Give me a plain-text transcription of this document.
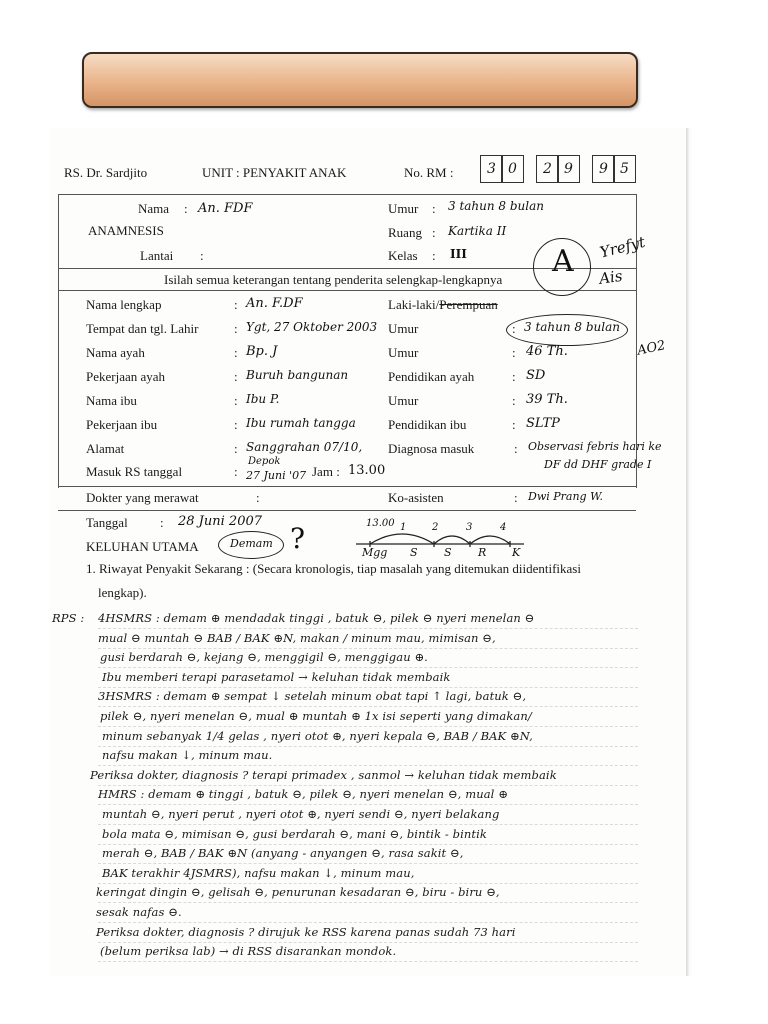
RS. Dr. Sardjito	UNIT : PENYAKIT ANAK	No. RM :	3 0	2 9	9 5
Nama : An. FDF	Umur : 3 tahun 8 bulan
ANAMNESIS	Ruang : Kartika II
Lantai :	Kelas : III
Isilah semua keterangan tentang penderita selengkap-lengkapnya
A Yrefyt
Ais
AO2
Nama lengkap	: An. F.DF	Laki-laki/Perempuan
Tempat dan tgl. Lahir	: Ygt, 27 Oktober 2003 Umur	: 3 tahun 8 bulan
Nama ayah	: Bp. J	Umur	: 46 Th.
Pekerjaan ayah	: Buruh bangunan	Pendidikan ayah	: SD
Nama ibu	: Ibu P.	Umur	: 39 Th.
Pekerjaan ibu	: Ibu rumah tangga Pendidikan ibu	: SLTP
Alamat	: Sanggrahan 07/10,
Depok
Diagnosa masuk	: Observasi febris hari ke
DF dd DHF grade I
Masuk RS tanggal	: 27 Juni '07 Jam : 13.00
Dokter yang merawat	:	Ko-asisten	: Dwi Prang W.
Tanggal : 28 Juni 2007
KELUHAN UTAMA	Demam ?	13.00 1	2	3	4
Mgg S S R K
1. Riwayat Penyakit Sekarang : (Secara kronologis, tiap masalah yang ditemukan diidentifikasi
lengkap).
RPS : 4HSMRS : demam ⊕ mendadak tinggi , batuk ⊖, pilek ⊖ nyeri menelan ⊖
mual ⊖ muntah ⊖ BAB / BAK ⊕N, makan / minum mau, mimisan ⊖,
gusi berdarah ⊖, kejang ⊖, menggigil ⊖, menggigau ⊕.
Ibu memberi terapi parasetamol → keluhan tidak membaik
3HSMRS : demam ⊕ sempat ↓ setelah minum obat tapi ↑ lagi, batuk ⊖,
pilek ⊖, nyeri menelan ⊖, mual ⊕ muntah ⊕ 1x isi seperti yang dimakan/
minum sebanyak 1/4 gelas , nyeri otot ⊕, nyeri kepala ⊖, BAB / BAK ⊕N,
nafsu makan ↓, minum mau.
Periksa dokter, diagnosis ? terapi primadex , sanmol → keluhan tidak membaik
HMRS : demam ⊕ tinggi , batuk ⊖, pilek ⊖, nyeri menelan ⊖, mual ⊕
muntah ⊖, nyeri perut , nyeri otot ⊕, nyeri sendi ⊖, nyeri belakang
bola mata ⊖, mimisan ⊖, gusi berdarah ⊖, mani ⊖, bintik - bintik
merah ⊖, BAB / BAK ⊕N (anyang - anyangen ⊖, rasa sakit ⊖,
BAK terakhir 4JSMRS), nafsu makan ↓, minum mau,
keringat dingin ⊖, gelisah ⊖, penurunan kesadaran ⊖, biru - biru ⊖,
sesak nafas ⊖.
Periksa dokter, diagnosis ? dirujuk ke RSS karena panas sudah 73 hari
(belum periksa lab) → di RSS disarankan mondok.
